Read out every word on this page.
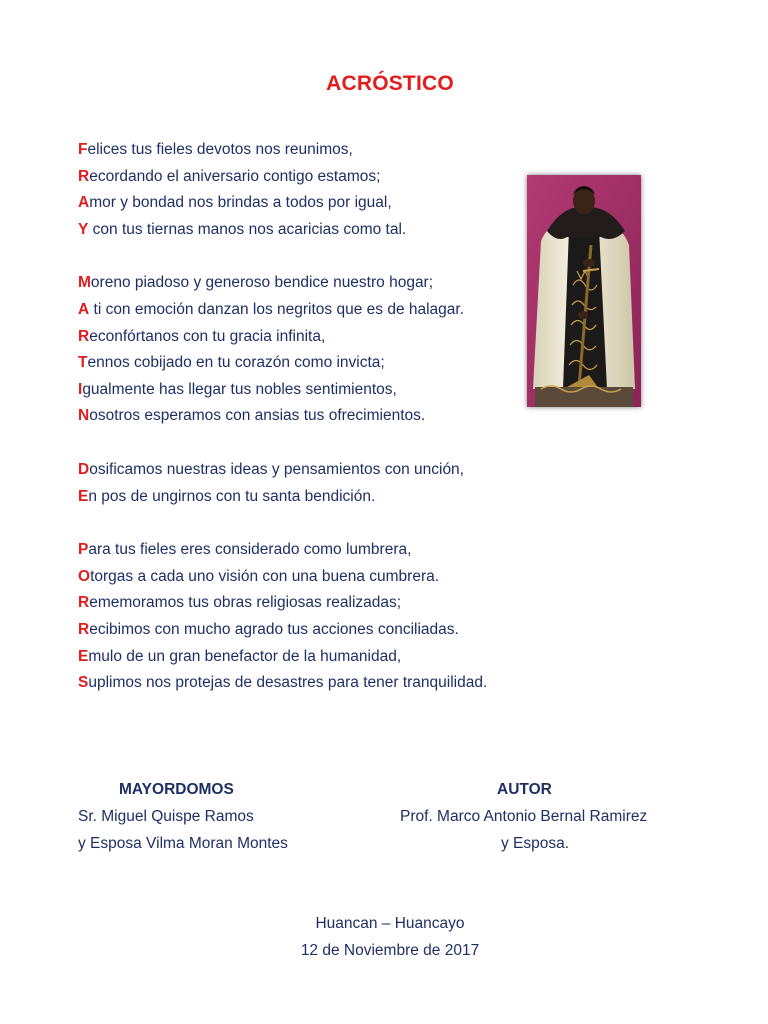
ACRÓSTICO
Felices tus fieles devotos nos reunimos,
Recordando el aniversario contigo estamos;
Amor y bondad nos brindas a todos por igual,
Y con tus tiernas manos nos acaricias como tal.
Moreno piadoso y generoso bendice nuestro hogar;
A ti con emoción danzan los negritos que es de halagar.
Reconfórtanos con tu gracia infinita,
Tennos cobijado en tu corazón como invicta;
Igualmente has llegar tus nobles sentimientos,
Nosotros esperamos con ansias tus ofrecimientos.
Dosificamos nuestras ideas y pensamientos con unción,
En pos de ungirnos con tu santa bendición.
Para tus fieles eres considerado como lumbrera,
Otorgas a cada uno visión con una buena cumbrera.
Rememoramos tus obras religiosas realizadas;
Recibimos con mucho agrado tus acciones conciliadas.
Emulo de un gran benefactor de la humanidad,
Suplimos nos protejas de desastres para tener tranquilidad.
MAYORDOMOS
Sr. Miguel Quispe Ramos
y Esposa Vilma Moran Montes
AUTOR
Prof. Marco Antonio Bernal Ramirez
y Esposa.
Huancan – Huancayo
12 de Noviembre de 2017
